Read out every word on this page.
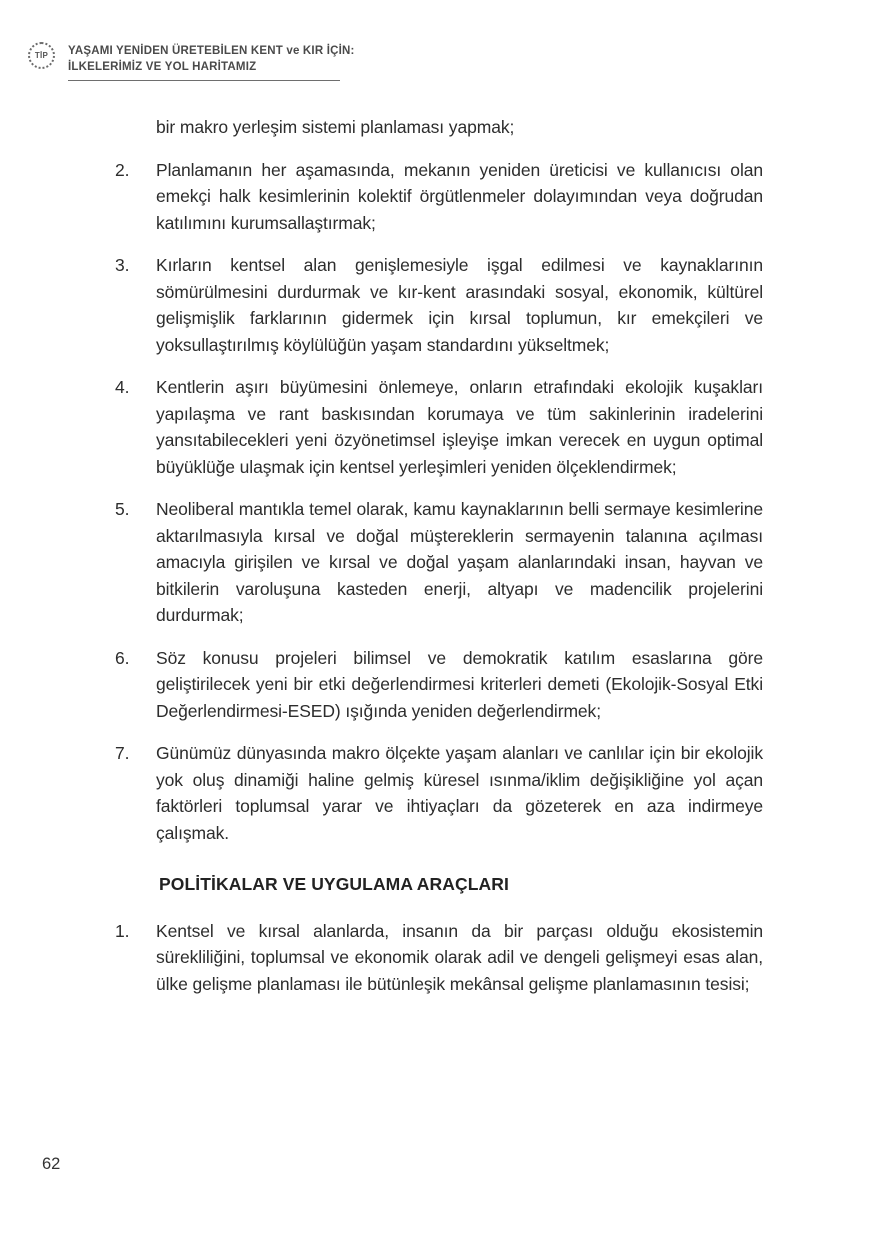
TİP YAŞAMI YENİDEN ÜRETEBİLEN KENT ve KIR İÇİN:
İLKELERİMİZ VE YOL HARİTAMIZ

bir makro yerleşim sistemi planlaması yapmak;

2.	Planlamanın her aşamasında, mekanın yeniden üreticisi ve kullanıcısı olan emekçi halk kesimlerinin kolektif örgütlenmeler dolayımından veya doğrudan katılımını kurumsallaştırmak;
3.	Kırların kentsel alan genişlemesiyle işgal edilmesi ve kaynaklarının sömürülmesini durdurmak ve kır-kent arasındaki sosyal, ekonomik, kültürel gelişmişlik farklarının gidermek için kırsal toplumun, kır emekçileri ve yoksullaştırılmış köylülüğün yaşam standardını yükseltmek;
4.	Kentlerin aşırı büyümesini önlemeye, onların etrafındaki ekolojik kuşakları yapılaşma ve rant baskısından korumaya ve tüm sakinlerinin iradelerini yansıtabilecekleri yeni özyönetimsel işleyişe imkan verecek en uygun optimal büyüklüğe ulaşmak için kentsel yerleşimleri yeniden ölçeklendirmek;
5.	Neoliberal mantıkla temel olarak, kamu kaynaklarının belli sermaye kesimlerine aktarılmasıyla kırsal ve doğal müştereklerin sermayenin talanına açılması amacıyla girişilen ve kırsal ve doğal yaşam alanlarındaki insan, hayvan ve bitkilerin varoluşuna kasteden enerji, altyapı ve madencilik projelerini durdurmak;
6.	Söz konusu projeleri bilimsel ve demokratik katılım esaslarına göre geliştirilecek yeni bir etki değerlendirmesi kriterleri demeti (Ekolojik-Sosyal Etki Değerlendirmesi-ESED) ışığında yeniden değerlendirmek;
7.	Günümüz dünyasında makro ölçekte yaşam alanları ve canlılar için bir ekolojik yok oluş dinamiği haline gelmiş küresel ısınma/iklim değişikliğine yol açan faktörleri toplumsal yarar ve ihtiyaçları da gözeterek en aza indirmeye çalışmak.
POLİTİKALAR VE UYGULAMA ARAÇLARI
1.	Kentsel ve kırsal alanlarda, insanın da bir parçası olduğu ekosistemin sürekliliğini, toplumsal ve ekonomik olarak adil ve dengeli gelişmeyi esas alan, ülke gelişme planlaması ile bütünleşik mekânsal gelişme planlamasının tesisi;
62
